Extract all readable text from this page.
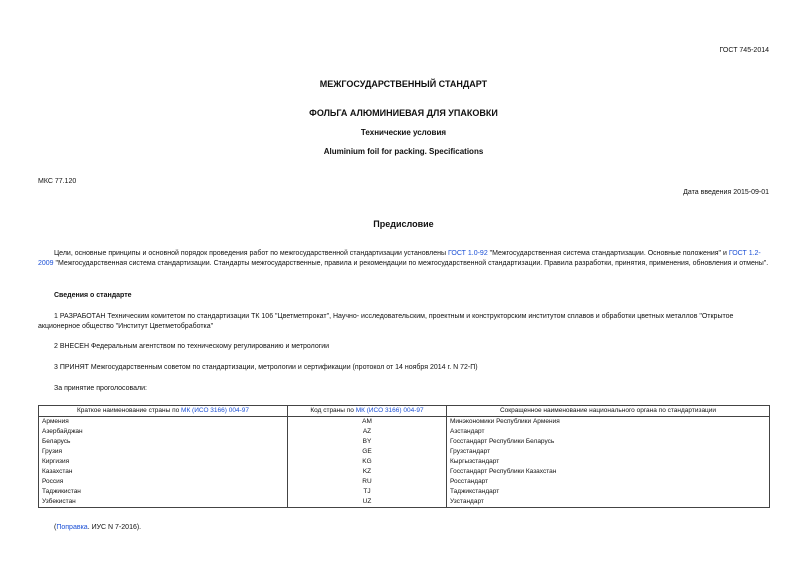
ГОСТ 745-2014
МЕЖГОСУДАРСТВЕННЫЙ СТАНДАРТ
ФОЛЬГА АЛЮМИНИЕВАЯ ДЛЯ УПАКОВКИ
Технические условия
Aluminium foil for packing. Specifications
МКС 77.120
Дата введения 2015-09-01
Предисловие
Цели, основные принципы и основной порядок проведения работ по межгосударственной стандартизации установлены ГОСТ 1.0-92 "Межгосударственная система стандартизации. Основные положения" и ГОСТ 1.2-2009 "Межгосударственная система стандартизации. Стандарты межгосударственные, правила и рекомендации по межгосударственной стандартизации. Правила разработки, принятия, применения, обновления и отмены".
Сведения о стандарте
1 РАЗРАБОТАН Техническим комитетом по стандартизации ТК 106 "Цветметпрокат", Научно- исследовательским, проектным и конструкторским институтом сплавов и обработки цветных металлов "Открытое акционерное общество "Институт Цветметобработка"
2 ВНЕСЕН Федеральным агентством по техническому регулированию и метрологии
3 ПРИНЯТ Межгосударственным советом по стандартизации, метрологии и сертификации (протокол от 14 ноября 2014 г. N 72-П)
За принятие проголосовали:
Краткое наименование страны по МК (ИСО 3166) 004-97	Код страны по МК (ИСО 3166) 004-97	Сокращенное наименование национального органа по стандартизации
Армения	AM	Минэкономики Республики Армения
Азербайджан	AZ	Азстандарт
Беларусь	BY	Госстандарт Республики Беларусь
Грузия	GE	Грузстандарт
Киргизия	KG	Кыргызстандарт
Казахстан	KZ	Госстандарт Республики Казахстан
Россия	RU	Росстандарт
Таджикистан	TJ	Таджикстандарт
Узбекистан	UZ	Узстандарт
(Поправка. ИУС N 7-2016).
